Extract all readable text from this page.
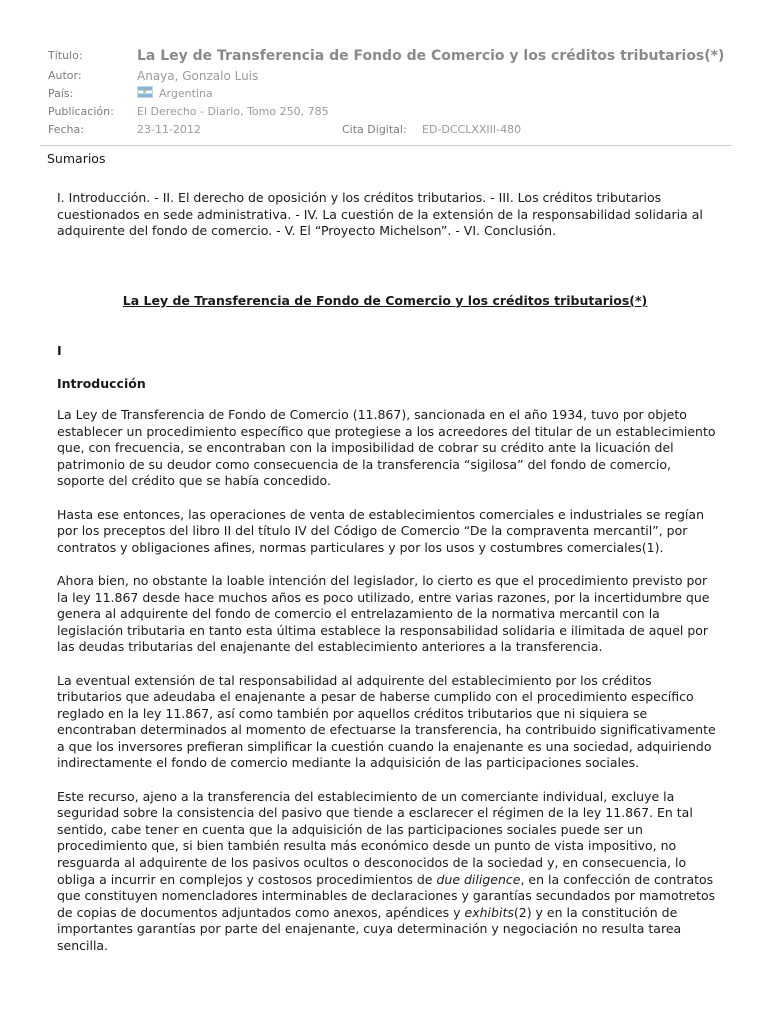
Título:	La Ley de Transferencia de Fondo de Comercio y los créditos tributarios(*)
Autor:	Anaya, Gonzalo Luis
País:	Argentina
Publicación: El Derecho - Diario, Tomo 250, 785
Fecha:	23-11-2012	Cita Digital: ED-DCCLXXIII-480
Sumarios

I. Introducción. - II. El derecho de oposición y los créditos tributarios. - III. Los créditos tributarios cuestionados en sede administrativa. - IV. La cuestión de la extensión de la responsabilidad solidaria al adquirente del fondo de comercio. - V. El “Proyecto Michelson”. - VI. Conclusión.

La Ley de Transferencia de Fondo de Comercio y los créditos tributarios(*)
I
Introducción

La Ley de Transferencia de Fondo de Comercio (11.867), sancionada en el año 1934, tuvo por objeto establecer un procedimiento específico que protegiese a los acreedores del titular de un establecimiento que, con frecuencia, se encontraban con la imposibilidad de cobrar su crédito ante la licuación del patrimonio de su deudor como consecuencia de la transferencia “sigilosa” del fondo de comercio, soporte del crédito que se había concedido.

Hasta ese entonces, las operaciones de venta de establecimientos comerciales e industriales se regían por los preceptos del libro II del título IV del Código de Comercio “De la compraventa mercantil”, por contratos y obligaciones afines, normas particulares y por los usos y costumbres comerciales(1).

Ahora bien, no obstante la loable intención del legislador, lo cierto es que el procedimiento previsto por la ley 11.867 desde hace muchos años es poco utilizado, entre varias razones, por la incertidumbre que genera al adquirente del fondo de comercio el entrelazamiento de la normativa mercantil con la legislación tributaria en tanto esta última establece la responsabilidad solidaria e ilimitada de aquel por las deudas tributarias del enajenante del establecimiento anteriores a la transferencia.

La eventual extensión de tal responsabilidad al adquirente del establecimiento por los créditos tributarios que adeudaba el enajenante a pesar de haberse cumplido con el procedimiento específico reglado en la ley 11.867, así como también por aquellos créditos tributarios que ni siquiera se encontraban determinados al momento de efectuarse la transferencia, ha contribuido significativamente a que los inversores prefieran simplificar la cuestión cuando la enajenante es una sociedad, adquiriendo indirectamente el fondo de comercio mediante la adquisición de las participaciones sociales.

Este recurso, ajeno a la transferencia del establecimiento de un comerciante individual, excluye la seguridad sobre la consistencia del pasivo que tiende a esclarecer el régimen de la ley 11.867. En tal sentido, cabe tener en cuenta que la adquisición de las participaciones sociales puede ser un procedimiento que, si bien también resulta más económico desde un punto de vista impositivo, no resguarda al adquirente de los pasivos ocultos o desconocidos de la sociedad y, en consecuencia, lo obliga a incurrir en complejos y costosos procedimientos de due diligence, en la confección de contratos que constituyen nomencladores interminables de declaraciones y garantías secundados por mamotretos de copias de documentos adjuntados como anexos, apéndices y exhibits(2) y en la constitución de importantes garantías por parte del enajenante, cuya determinación y negociación no resulta tarea sencilla.
